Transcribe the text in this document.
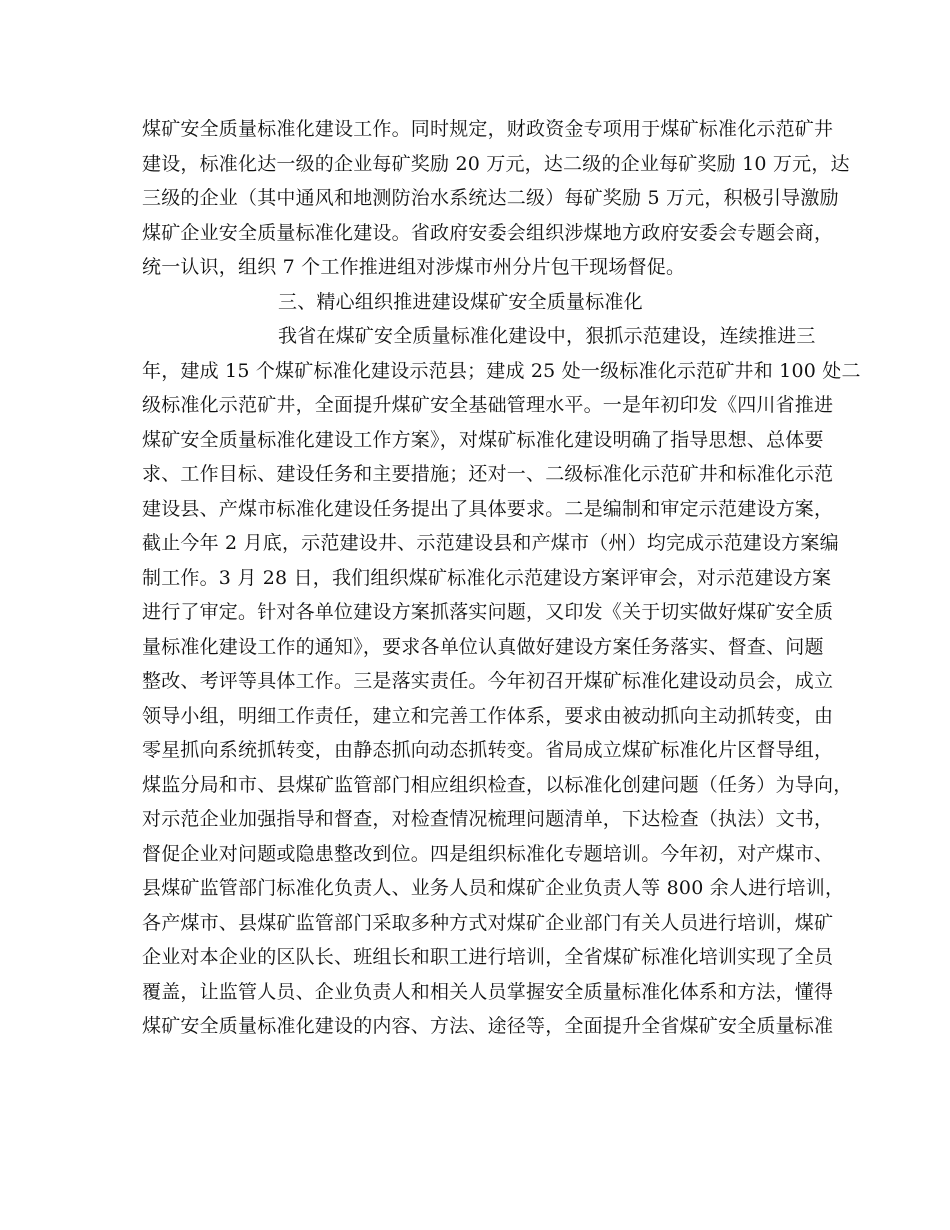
煤矿安全质量标准化建设工作。同时规定，财政资金专项用于煤矿标准化示范矿井
建设，标准化达一级的企业每矿奖励 20 万元，达二级的企业每矿奖励 10 万元，达
三级的企业（其中通风和地测防治水系统达二级）每矿奖励 5 万元，积极引导激励
煤矿企业安全质量标准化建设。省政府安委会组织涉煤地方政府安委会专题会商，
统一认识，组织 7 个工作推进组对涉煤市州分片包干现场督促。
三、精心组织推进建设煤矿安全质量标准化
我省在煤矿安全质量标准化建设中，狠抓示范建设，连续推进三
年，建成 15 个煤矿标准化建设示范县；建成 25 处一级标准化示范矿井和 100 处二
级标准化示范矿井，全面提升煤矿安全基础管理水平。一是年初印发《四川省推进
煤矿安全质量标准化建设工作方案》，对煤矿标准化建设明确了指导思想、总体要
求、工作目标、建设任务和主要措施；还对一、二级标准化示范矿井和标准化示范
建设县、产煤市标准化建设任务提出了具体要求。二是编制和审定示范建设方案，
截止今年 2 月底，示范建设井、示范建设县和产煤市（州）均完成示范建设方案编
制工作。3 月 28 日，我们组织煤矿标准化示范建设方案评审会，对示范建设方案
进行了审定。针对各单位建设方案抓落实问题，又印发《关于切实做好煤矿安全质
量标准化建设工作的通知》，要求各单位认真做好建设方案任务落实、督查、问题
整改、考评等具体工作。三是落实责任。今年初召开煤矿标准化建设动员会，成立
领导小组，明细工作责任，建立和完善工作体系，要求由被动抓向主动抓转变，由
零星抓向系统抓转变，由静态抓向动态抓转变。省局成立煤矿标准化片区督导组，
煤监分局和市、县煤矿监管部门相应组织检查，以标准化创建问题（任务）为导向，
对示范企业加强指导和督查，对检查情况梳理问题清单，下达检查（执法）文书，
督促企业对问题或隐患整改到位。四是组织标准化专题培训。今年初，对产煤市、
县煤矿监管部门标准化负责人、业务人员和煤矿企业负责人等 800 余人进行培训，
各产煤市、县煤矿监管部门采取多种方式对煤矿企业部门有关人员进行培训，煤矿
企业对本企业的区队长、班组长和职工进行培训，全省煤矿标准化培训实现了全员
覆盖，让监管人员、企业负责人和相关人员掌握安全质量标准化体系和方法，懂得
煤矿安全质量标准化建设的内容、方法、途径等，全面提升全省煤矿安全质量标准
